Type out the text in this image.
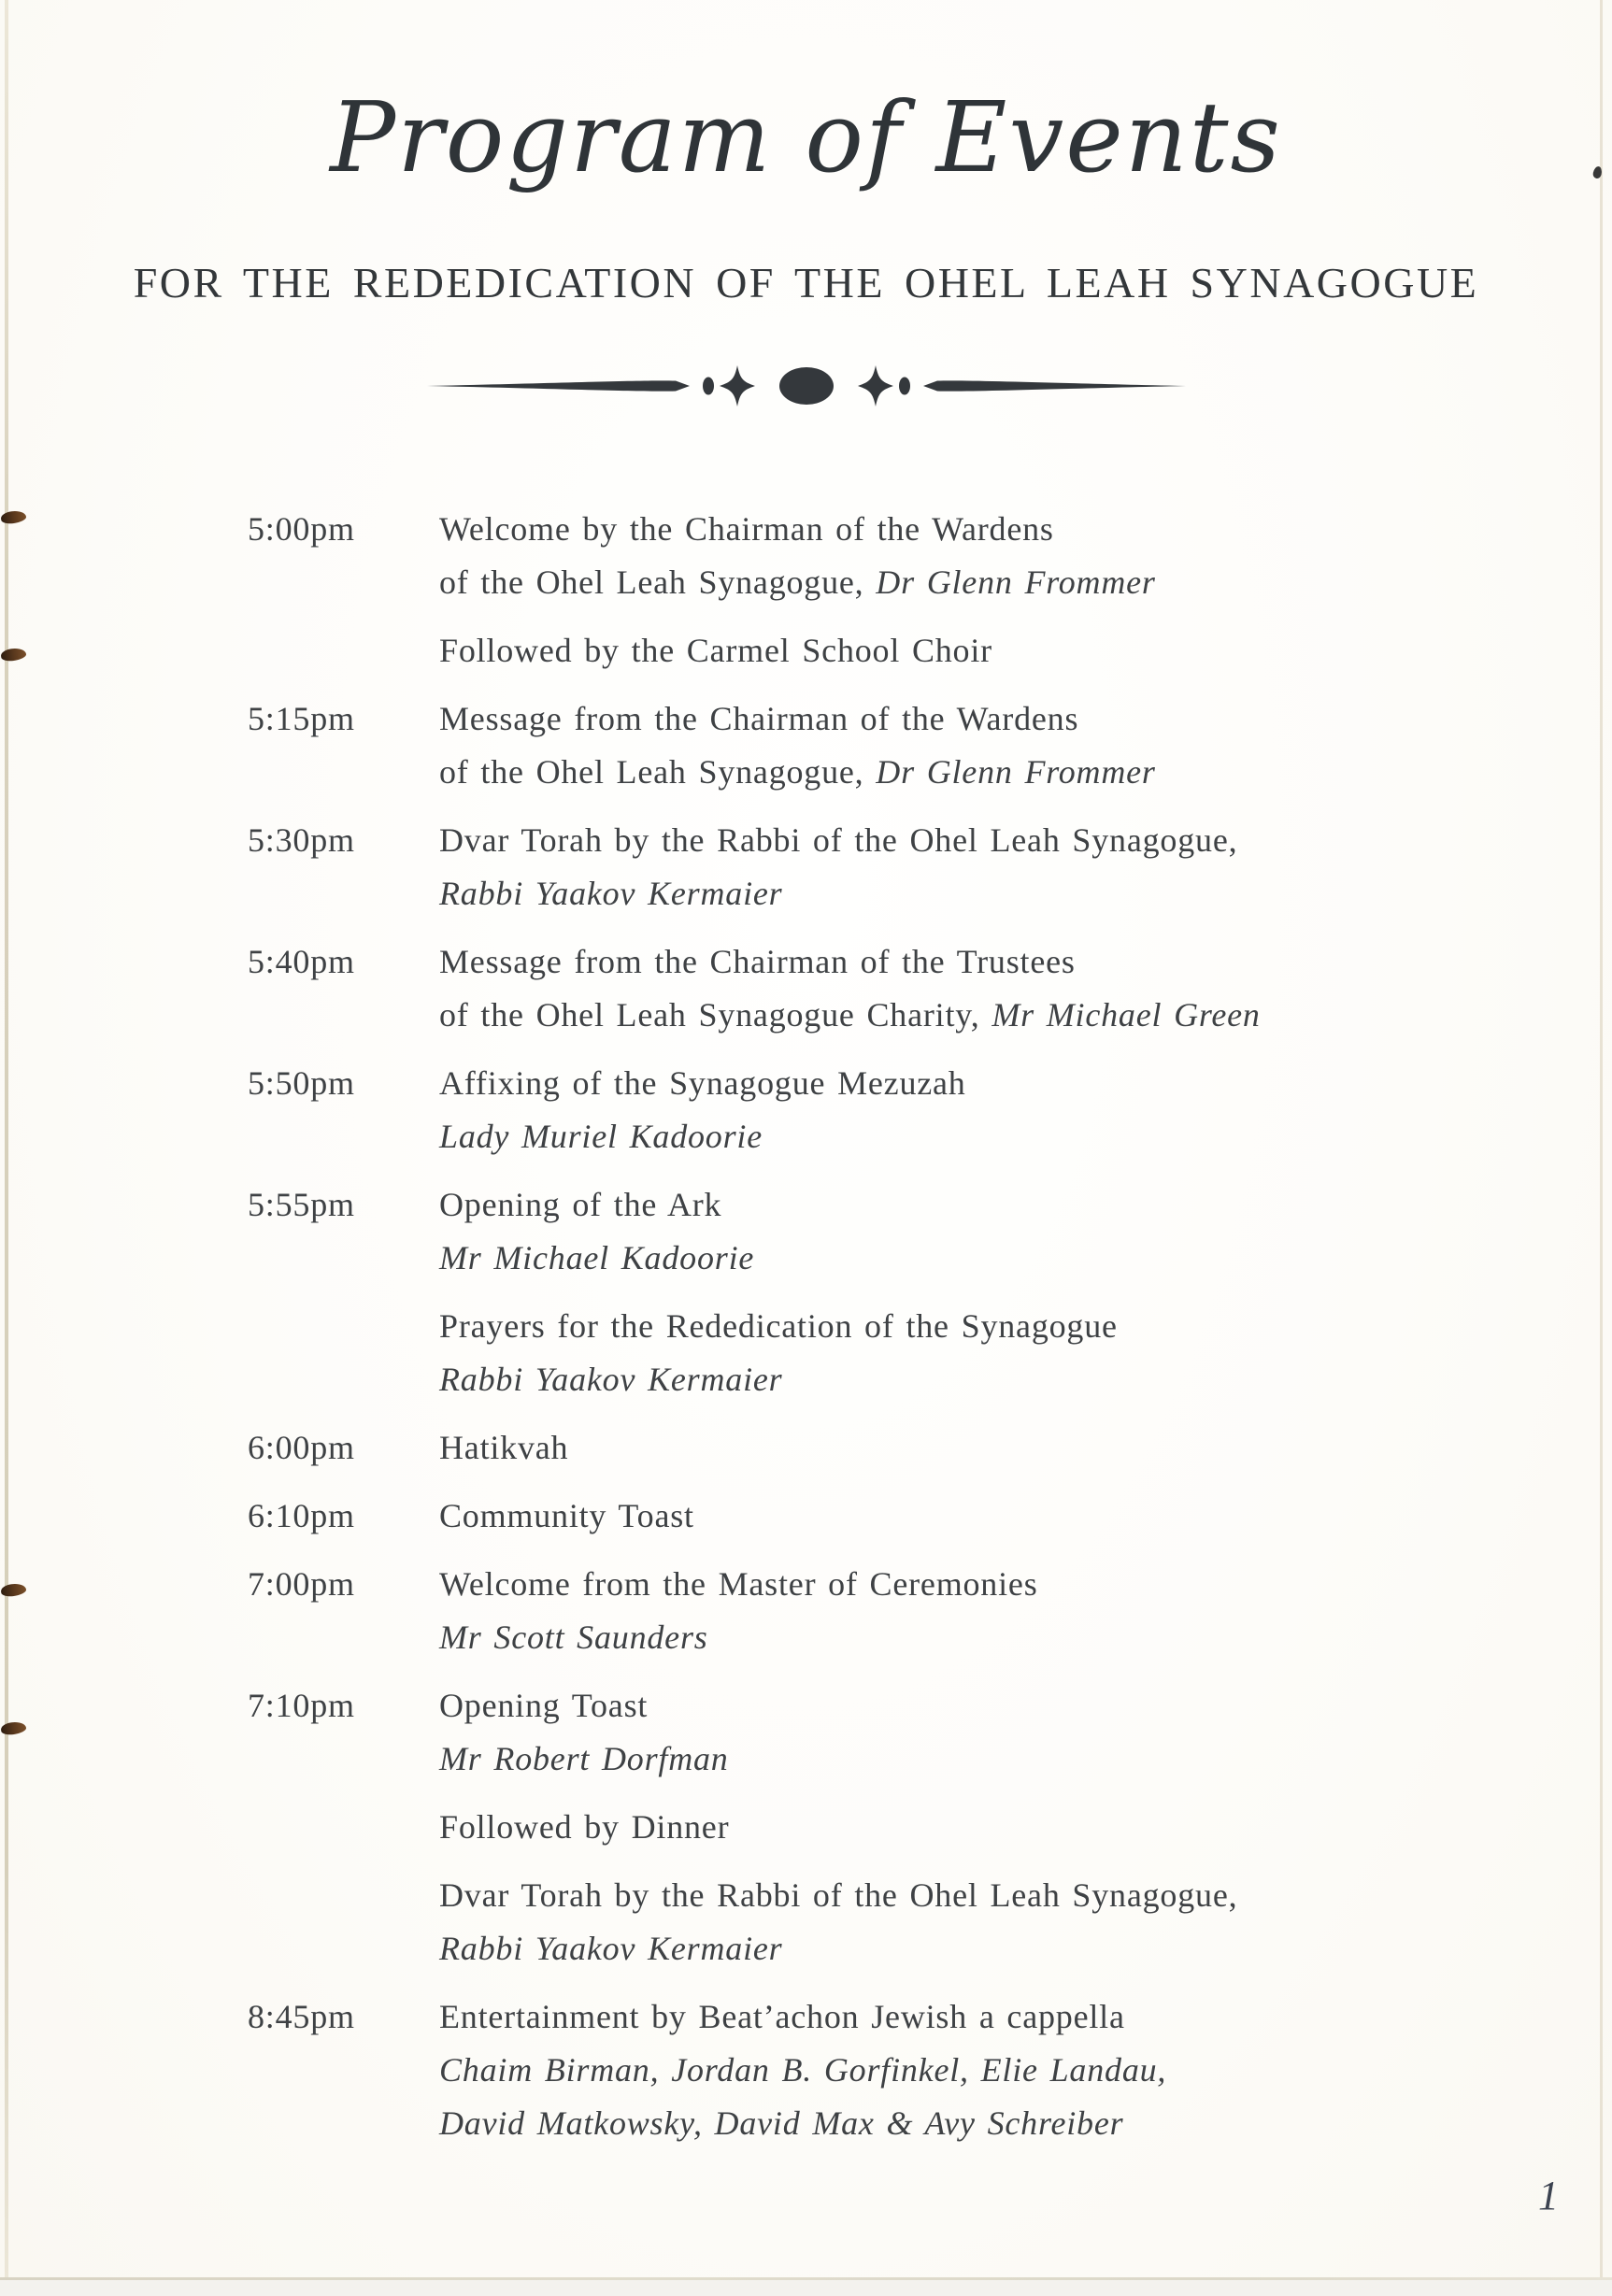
Program of Events
FOR THE REDEDICATION OF THE OHEL LEAH SYNAGOGUE
5:00pm	Welcome by the Chairman of the Wardens
of the Ohel Leah Synagogue, Dr Glenn Frommer
Followed by the Carmel School Choir
5:15pm	Message from the Chairman of the Wardens
of the Ohel Leah Synagogue, Dr Glenn Frommer
5:30pm	Dvar Torah by the Rabbi of the Ohel Leah Synagogue,
Rabbi Yaakov Kermaier
5:40pm	Message from the Chairman of the Trustees
of the Ohel Leah Synagogue Charity, Mr Michael Green
5:50pm	Affixing of the Synagogue Mezuzah
Lady Muriel Kadoorie
5:55pm	Opening of the Ark
Mr Michael Kadoorie
Prayers for the Rededication of the Synagogue
Rabbi Yaakov Kermaier
6:00pm	Hatikvah
6:10pm	Community Toast
7:00pm	Welcome from the Master of Ceremonies
Mr Scott Saunders
7:10pm	Opening Toast
Mr Robert Dorfman
Followed by Dinner
Dvar Torah by the Rabbi of the Ohel Leah Synagogue,
Rabbi Yaakov Kermaier
8:45pm	Entertainment by Beat’achon Jewish a cappella
Chaim Birman, Jordan B. Gorfinkel, Elie Landau,
David Matkowsky, David Max & Avy Schreiber
1
